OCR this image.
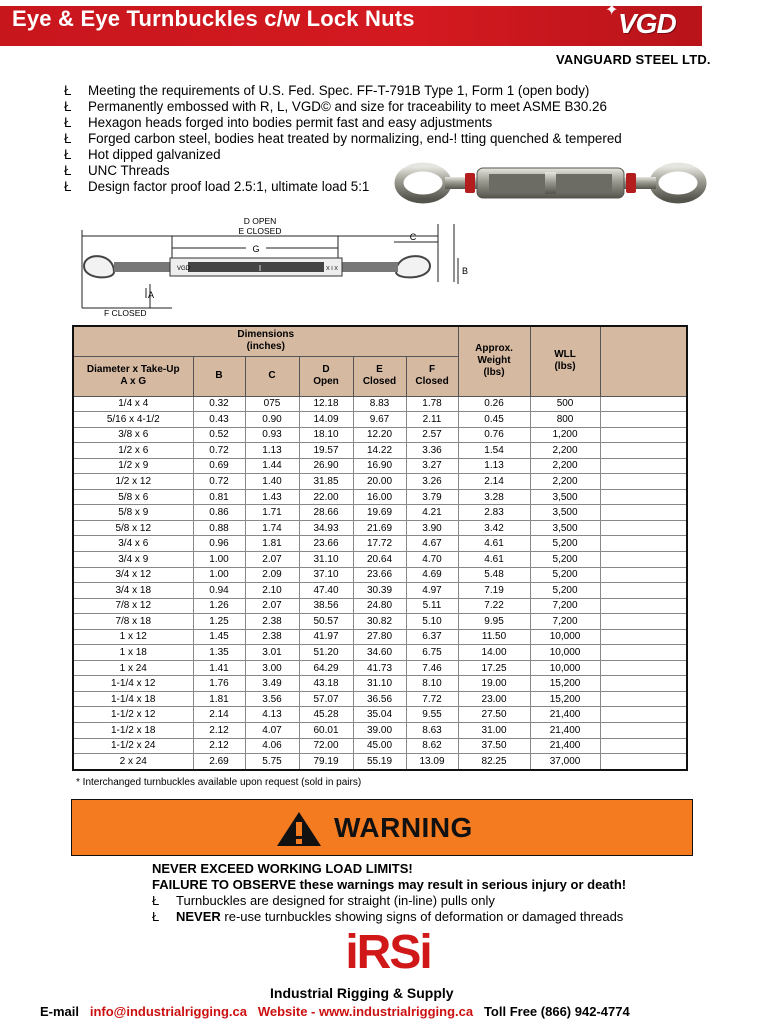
Eye & Eye Turnbuckles c/w Lock Nuts	✦ VGD
VANGUARD STEEL LTD.
Ł Meeting the requirements of U.S. Fed. Spec. FF-T-791B Type 1, Form 1 (open body)
Ł Permanently embossed with R, L, VGD© and size for traceability to meet ASME B30.26
Ł Hexagon heads forged into bodies permit fast and easy adjustments
Ł Forged carbon steel, bodies heat treated by normalizing, end-! tting quenched & tempered
Ł Hot dipped galvanized
Ł UNC Threads
Ł Design factor proof load 2.5:1, ultimate load 5:1
D OPEN
E CLOSED
G
C
B
A
F CLOSED
VGD	I	X I X
Dimensions
(inches)						Approx.
Weight
(lbs)	WLL
(lbs)	
Diameter x Take-Up
A x G	B	C	D
Open	E
Closed	F
Closed			
1/4 x 4	0.32	075	12.18	8.83	1.78	0.26	500	
5/16 x 4-1/2	0.43	0.90	14.09	9.67	2.11	0.45	800	
3/8 x 6	0.52	0.93	18.10	12.20	2.57	0.76	1,200	
1/2 x 6	0.72	1.13	19.57	14.22	3.36	1.54	2,200	
1/2 x 9	0.69	1.44	26.90	16.90	3.27	1.13	2,200	
1/2 x 12	0.72	1.40	31.85	20.00	3.26	2.14	2,200	
5/8 x 6	0.81	1.43	22.00	16.00	3.79	3.28	3,500	
5/8 x 9	0.86	1.71	28.66	19.69	4.21	2.83	3,500	
5/8 x 12	0.88	1.74	34.93	21.69	3.90	3.42	3,500	
3/4 x 6	0.96	1.81	23.66	17.72	4.67	4.61	5,200	
3/4 x 9	1.00	2.07	31.10	20.64	4.70	4.61	5,200	
3/4 x 12	1.00	2.09	37.10	23.66	4.69	5.48	5,200	
3/4 x 18	0.94	2.10	47.40	30.39	4.97	7.19	5,200	
7/8 x 12	1.26	2.07	38.56	24.80	5.11	7.22	7,200	
7/8 x 18	1.25	2.38	50.57	30.82	5.10	9.95	7,200	
1 x 12	1.45	2.38	41.97	27.80	6.37	11.50	10,000	
1 x 18	1.35	3.01	51.20	34.60	6.75	14.00	10,000	
1 x 24	1.41	3.00	64.29	41.73	7.46	17.25	10,000	
1-1/4 x 12	1.76	3.49	43.18	31.10	8.10	19.00	15,200	
1-1/4 x 18	1.81	3.56	57.07	36.56	7.72	23.00	15,200	
1-1/2 x 12	2.14	4.13	45.28	35.04	9.55	27.50	21,400	
1-1/2 x 18	2.12	4.07	60.01	39.00	8.63	31.00	21,400	
1-1/2 x 24	2.12	4.06	72.00	45.00	8.62	37.50	21,400	
2 x 24	2.69	5.75	79.19	55.19	13.09	82.25	37,000	
* Interchanged turnbuckles available upon request (sold in pairs)
WARNING
NEVER EXCEED WORKING LOAD LIMITS!
FAILURE TO OBSERVE these warnings may result in serious injury or death!
Ł Turnbuckles are designed for straight (in-line) pulls only
Ł NEVER re-use turnbuckles showing signs of deformation or damaged threads
iRSi
Industrial Rigging & Supply
E-mail info@industrialrigging.ca Website - www.industrialrigging.ca Toll Free (866) 942-4774
